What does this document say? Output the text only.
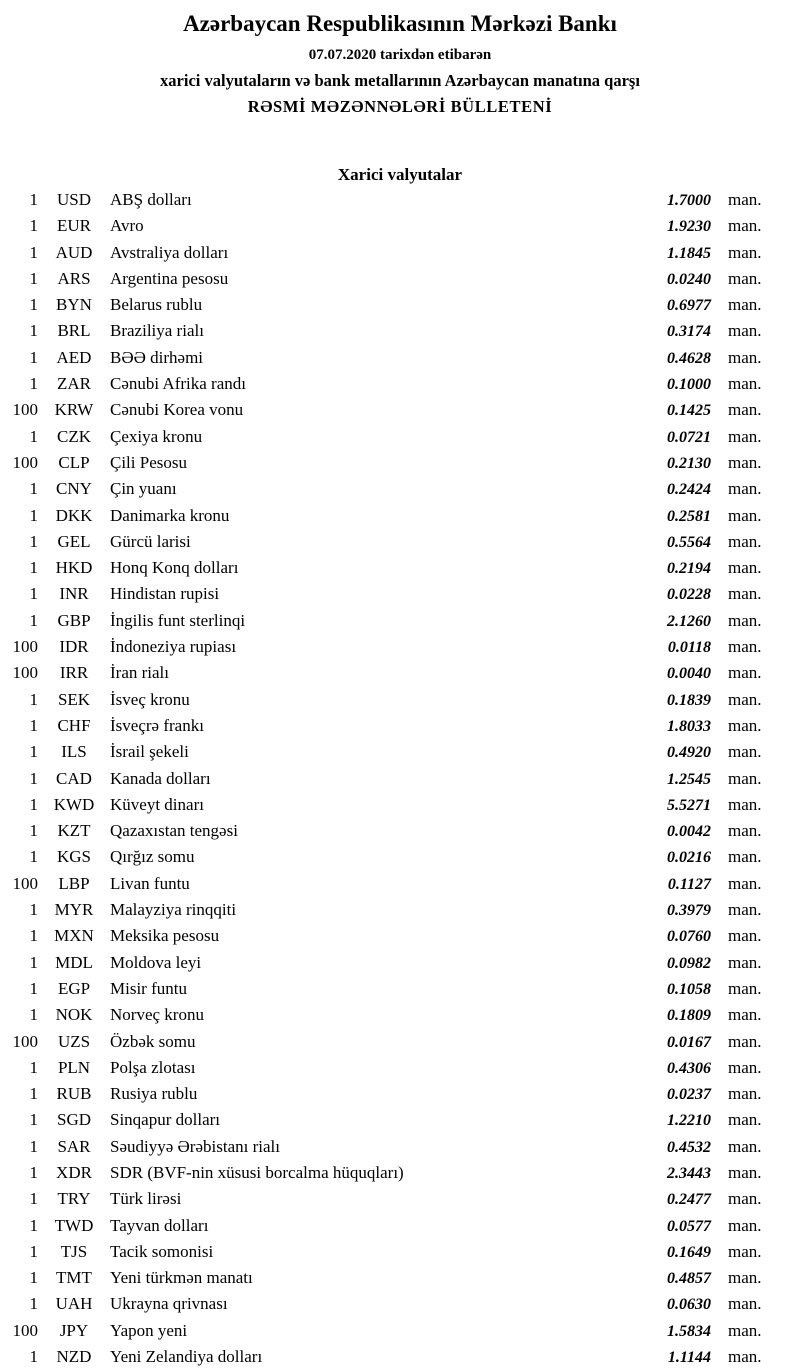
Azərbaycan Respublikasının Mərkəzi Bankı
07.07.2020 tarixdən etibarən
xarici valyutaların və bank metallarının Azərbaycan manatına qarşı
RƏSMİ MƏZƏNNƏLƏRİ BÜLLETENİ
Xarici valyutalar
1	USD	ABŞ dolları	1.7000 man.
1	EUR	Avro	1.9230 man.
1	AUD	Avstraliya dolları	1.1845 man.
1	ARS	Argentina pesosu	0.0240 man.
1	BYN	Belarus rublu	0.6977 man.
1	BRL	Braziliya rialı	0.3174 man.
1	AED	BƏƏ dirhəmi	0.4628 man.
1	ZAR	Cənubi Afrika randı	0.1000 man.
100 KRW Cənubi Korea vonu	0.1425 man.
1	CZK	Çexiya kronu	0.0721 man.
100	CLP	Çili Pesosu	0.2130 man.
1	CNY	Çin yuanı	0.2424 man.
1	DKK	Danimarka kronu	0.2581 man.
1	GEL	Gürcü larisi	0.5564 man.
1	HKD	Honq Konq dolları	0.2194 man.
1	INR	Hindistan rupisi	0.0228 man.
1	GBP	İngilis funt sterlinqi	2.1260 man.
100	IDR	İndoneziya rupiası	0.0118 man.
100	IRR	İran rialı	0.0040 man.
1	SEK	İsveç kronu	0.1839 man.
1	CHF	İsveçrə frankı	1.8033 man.
1	ILS	İsrail şekeli	0.4920 man.
1	CAD	Kanada dolları	1.2545 man.
1 KWD Küveyt dinarı	5.5271 man.
1	KZT	Qazaxıstan tengəsi	0.0042 man.
1	KGS	Qırğız somu	0.0216 man.
100	LBP	Livan funtu	0.1127 man.
1 MYR Malayziya rinqqiti	0.3979 man.
1 MXN Meksika pesosu	0.0760 man.
1	MDL	Moldova leyi	0.0982 man.
1	EGP	Misir funtu	0.1058 man.
1	NOK	Norveç kronu	0.1809 man.
100	UZS	Özbək somu	0.0167 man.
1	PLN	Polşa zlotası	0.4306 man.
1	RUB	Rusiya rublu	0.0237 man.
1	SGD	Sinqapur dolları	1.2210 man.
1	SAR	Səudiyyə Ərəbistanı rialı	0.4532 man.
1	XDR	SDR (BVF-nin xüsusi borcalma hüquqları)	2.3443 man.
1	TRY	Türk lirəsi	0.2477 man.
1 TWD Tayvan dolları	0.0577 man.
1	TJS	Tacik somonisi	0.1649 man.
1	TMT	Yeni türkmən manatı	0.4857 man.
1	UAH	Ukrayna qrivnası	0.0630 man.
100	JPY	Yapon yeni	1.5834 man.
1	NZD	Yeni Zelandiya dolları	1.1144 man.
